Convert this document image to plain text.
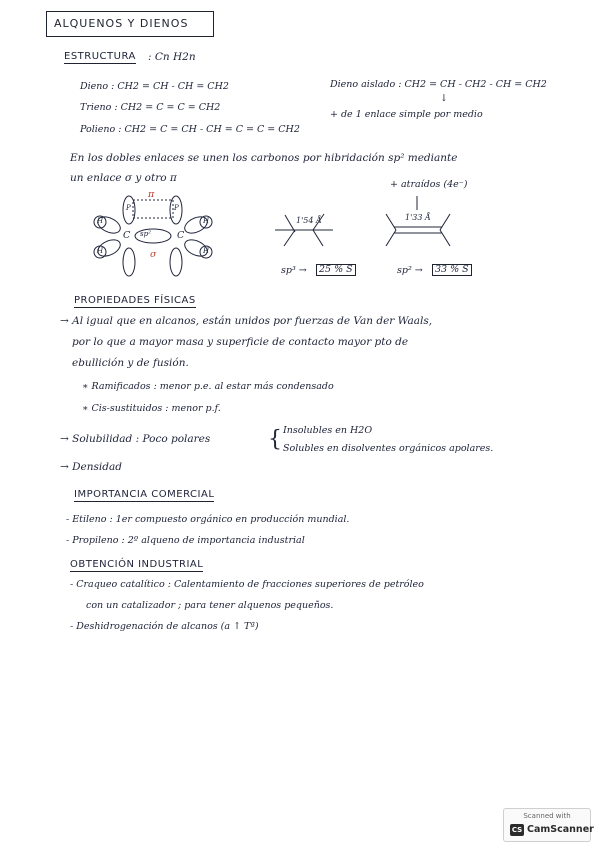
ALQUENOS Y DIENOS
ESTRUCTURA : Cn H2n
Dieno : CH2 = CH - CH = CH2
Trieno : CH2 = C = C = CH2
Polieno : CH2 = C = CH - CH = C = C = CH2
Dieno aislado : CH2 = CH - CH2 - CH = CH2
↓
+ de 1 enlace simple por medio
En los dobles enlaces se unen los carbonos por hibridación sp² mediante
un enlace σ y otro π
π
σ
C	C
sp²
H
H
H
H
P	P
1'54 Å	1'33 Å
+ atraídos (4e⁻)
sp³ →	25 % S	sp² →	33 % S
PROPIEDADES FÍSICAS
→ Al igual que en alcanos, están unidos por fuerzas de Van der Waals,
por lo que a mayor masa y superficie de contacto mayor pto de
ebullición y de fusión.
∗ Ramificados : menor p.e. al estar más condensado
∗ Cis-sustituidos : menor p.f.
→ Solubilidad : Poco polares
Insolubles en H2O
Solubles en disolventes orgánicos apolares.
{
→ Densidad
IMPORTANCIA COMERCIAL
- Etileno : 1er compuesto orgánico en producción mundial.
- Propileno : 2º alqueno de importancia industrial
OBTENCIÓN INDUSTRIAL
- Craqueo catalítico : Calentamiento de fracciones superiores de petróleo
con un catalizador ; para tener alquenos pequeños.
- Deshidrogenación de alcanos (a ↑ Tª)
Scanned with
CS CamScanner
